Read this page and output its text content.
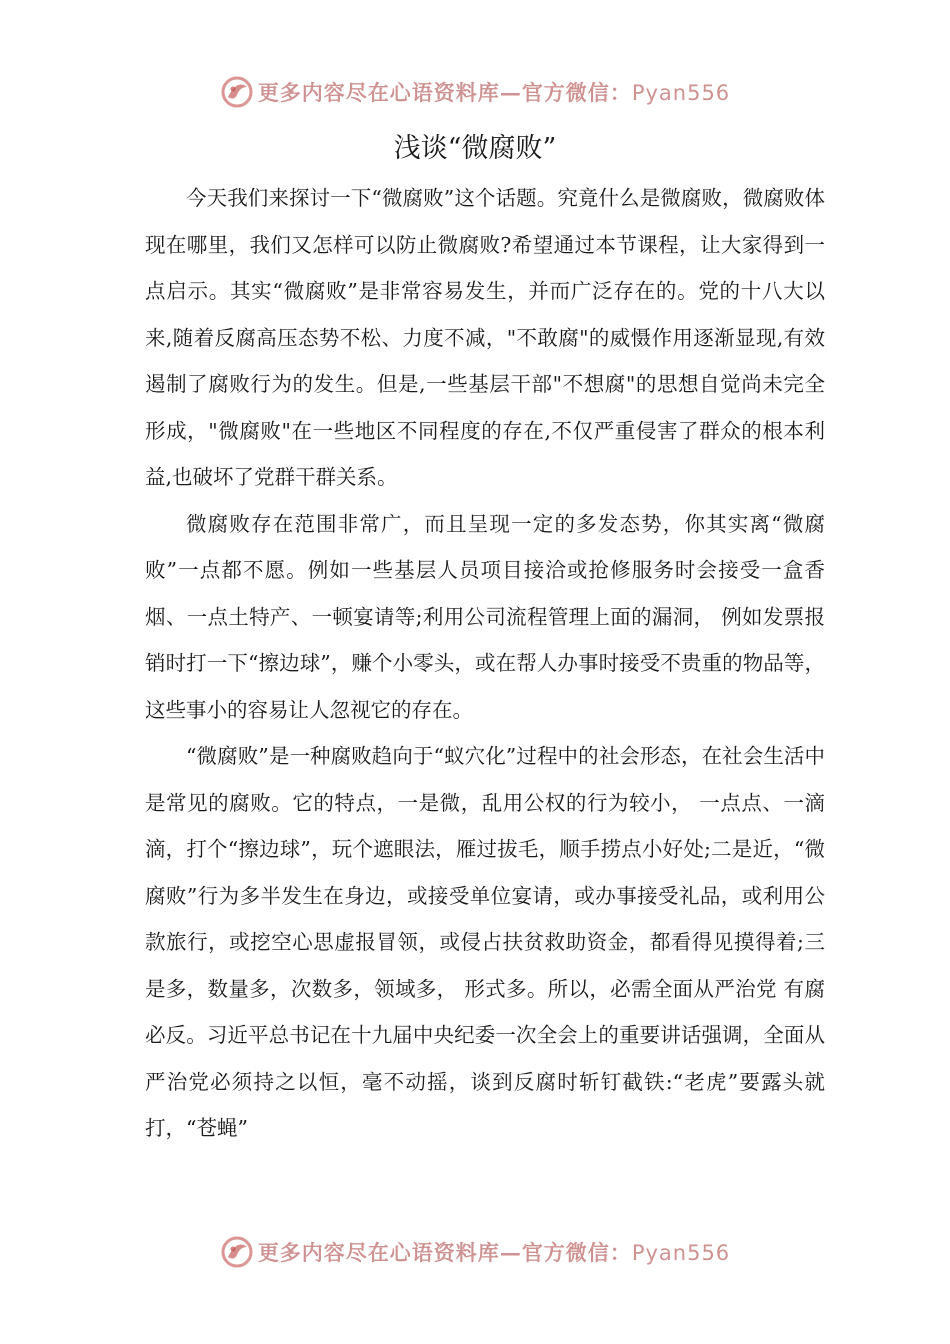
更多内容尽在心语资料库—官方微信：Pyan556
浅谈“微腐败”

今天我们来探讨一下“微腐败”这个话题。究竟什么是微腐败，微腐败体现在哪里，我们又怎样可以防止微腐败?希望通过本节课程，让大家得到一点启示。其实“微腐败”是非常容易发生，并而广泛存在的。党的十八大以来,随着反腐高压态势不松、力度不减，"不敢腐"的威慑作用逐渐显现,有效遏制了腐败行为的发生。但是,一些基层干部"不想腐"的思想自觉尚未完全形成，"微腐败"在一些地区不同程度的存在,不仅严重侵害了群众的根本利益,也破坏了党群干群关系。

微腐败存在范围非常广，而且呈现一定的多发态势，你其实离“微腐败”一点都不愿。例如一些基层人员项目接洽或抢修服务时会接受一盒香烟、一点土特产、一顿宴请等;利用公司流程管理上面的漏洞， 例如发票报销时打一下“擦边球”，赚个小零头，或在帮人办事时接受不贵重的物品等，这些事小的容易让人忽视它的存在。

“微腐败”是一种腐败趋向于“蚁穴化”过程中的社会形态，在社会生活中是常见的腐败。它的特点，一是微，乱用公权的行为较小， 一点点、一滴滴，打个“擦边球”，玩个遮眼法，雁过拔毛，顺手捞点小好处;二是近，“微腐败”行为多半发生在身边，或接受单位宴请，或办事接受礼品，或利用公款旅行，或挖空心思虚报冒领，或侵占扶贫救助资金，都看得见摸得着;三是多，数量多，次数多，领域多， 形式多。所以，必需全面从严治党 有腐必反。习近平总书记在十九届中央纪委一次全会上的重要讲话强调，全面从严治党必须持之以恒，毫不动摇，谈到反腐时斩钉截铁:“老虎”要露头就打，“苍蝇”

更多内容尽在心语资料库—官方微信：Pyan556
